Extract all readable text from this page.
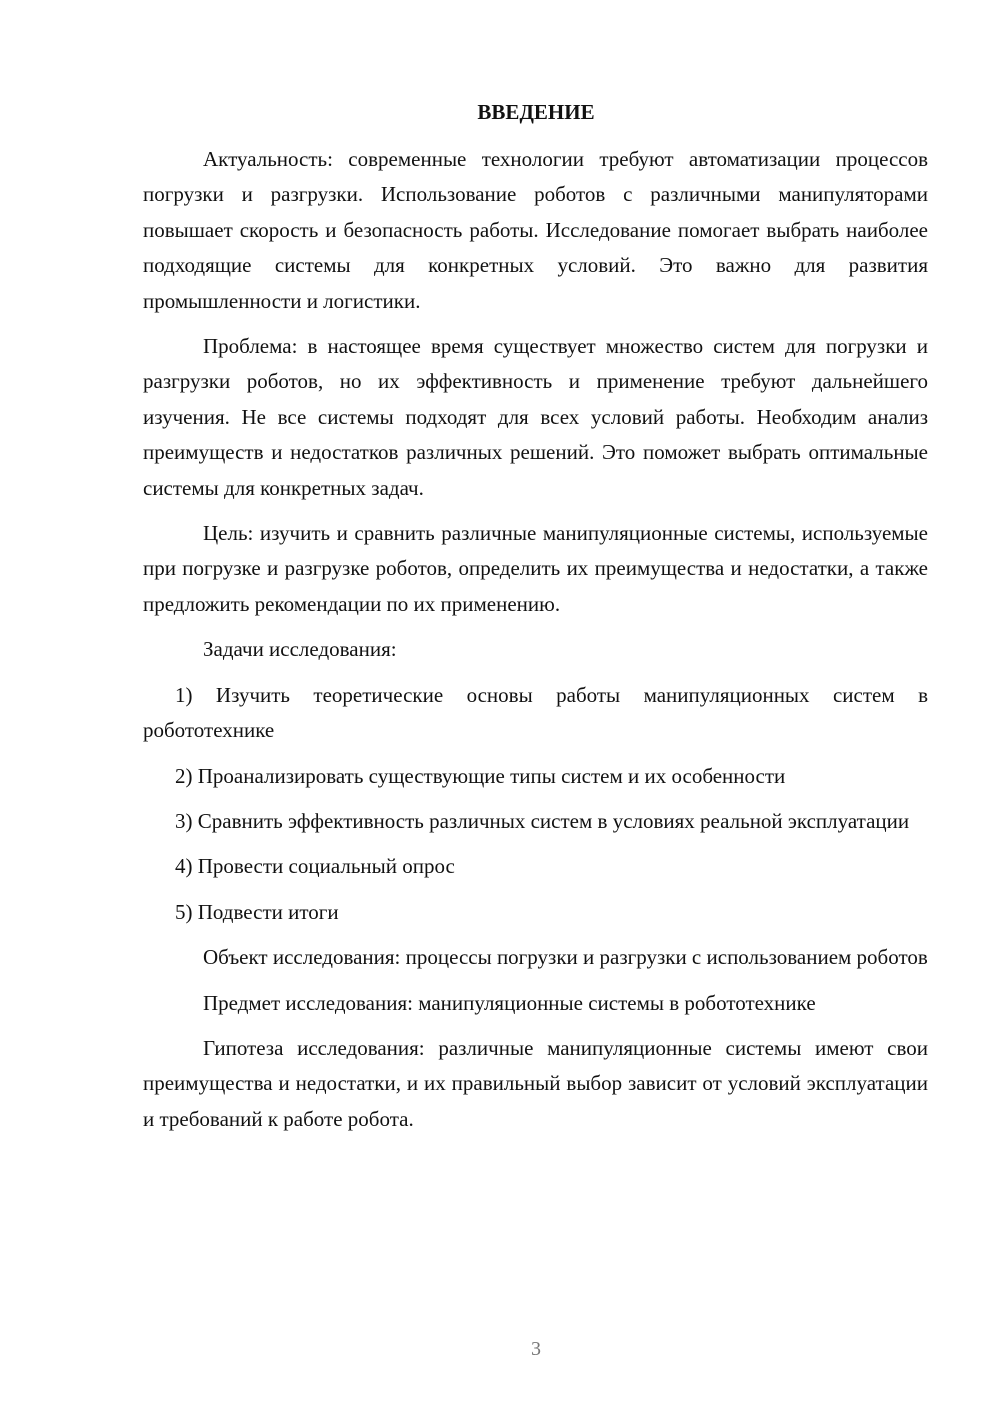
ВВЕДЕНИЕ

Актуальность: современные технологии требуют автоматизации процессов погрузки и разгрузки. Использование роботов с различными манипуляторами повышает скорость и безопасность работы. Исследование помогает выбрать наиболее подходящие системы для конкретных условий. Это важно для развития промышленности и логистики.

Проблема: в настоящее время существует множество систем для погрузки и разгрузки роботов, но их эффективность и применение требуют дальнейшего изучения. Не все системы подходят для всех условий работы. Необходим анализ преимуществ и недостатков различных решений. Это поможет выбрать оптимальные системы для конкретных задач.

Цель: изучить и сравнить различные манипуляционные системы, используемые при погрузке и разгрузке роботов, определить их преимущества и недостатки, а также предложить рекомендации по их применению.

Задачи исследования:

1) Изучить теоретические основы работы манипуляционных систем в робототехнике

2) Проанализировать существующие типы систем и их особенности

3) Сравнить эффективность различных систем в условиях реальной эксплуатации

4) Провести социальный опрос

5) Подвести итоги

Объект исследования: процессы погрузки и разгрузки с использованием роботов

Предмет исследования: манипуляционные системы в робототехнике

Гипотеза исследования: различные манипуляционные системы имеют свои преимущества и недостатки, и их правильный выбор зависит от условий эксплуатации и требований к работе робота.

3
